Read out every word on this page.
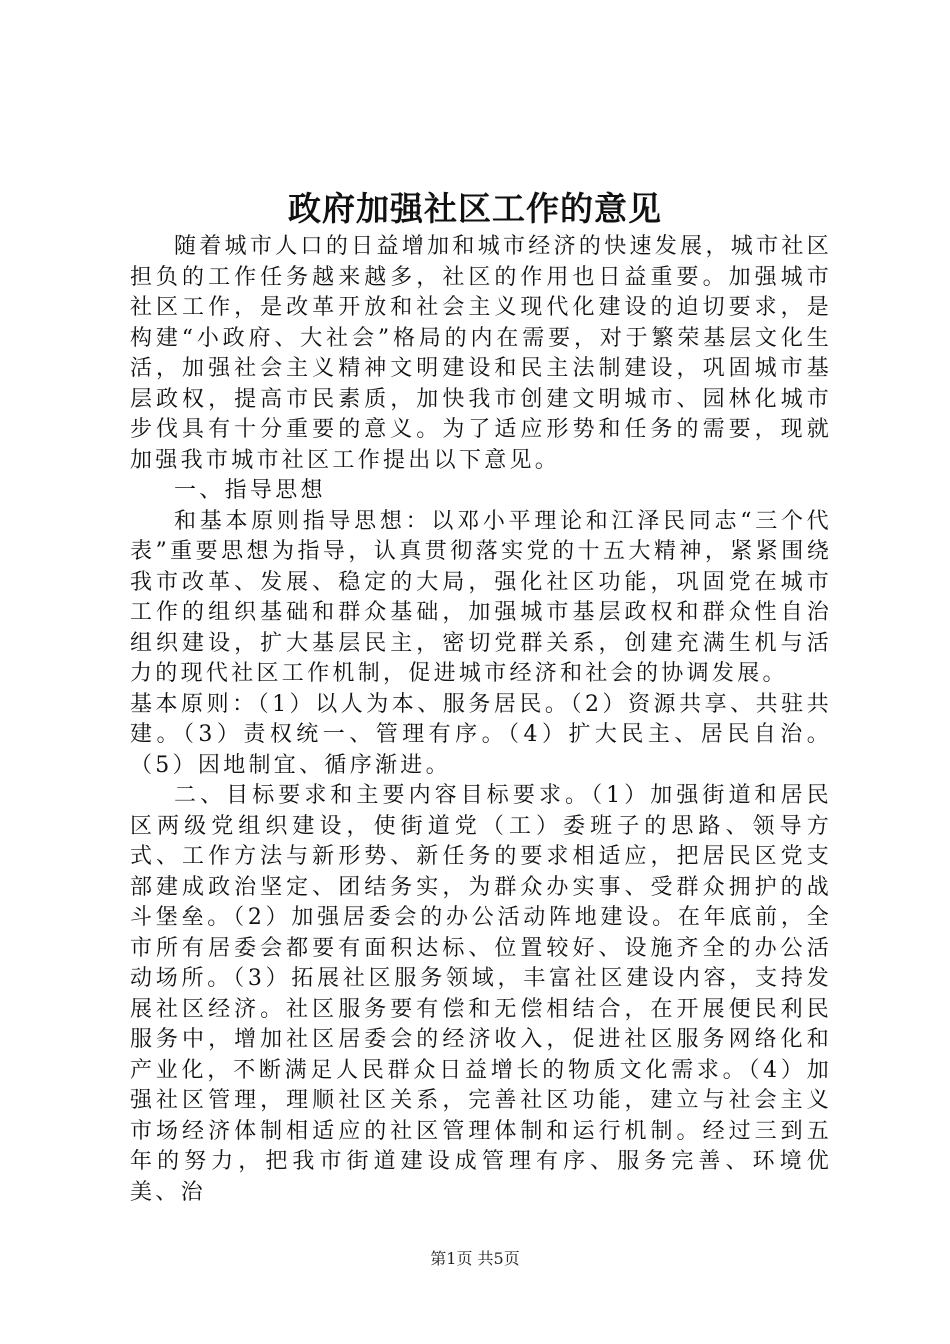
政府加强社区工作的意见

随着城市人口的日益增加和城市经济的快速发展，城市社区担负的工作任务越来越多，社区的作用也日益重要。加强城市社区工作，是改革开放和社会主义现代化建设的迫切要求，是构建“小政府、大社会”格局的内在需要，对于繁荣基层文化生活，加强社会主义精神文明建设和民主法制建设，巩固城市基层政权，提高市民素质，加快我市创建文明城市、园林化城市步伐具有十分重要的意义。为了适应形势和任务的需要，现就加强我市城市社区工作提出以下意见。

一、指导思想

和基本原则指导思想：以邓小平理论和江泽民同志“三个代表”重要思想为指导，认真贯彻落实党的十五大精神，紧紧围绕我市改革、发展、稳定的大局，强化社区功能，巩固党在城市工作的组织基础和群众基础，加强城市基层政权和群众性自治组织建设，扩大基层民主，密切党群关系，创建充满生机与活力的现代社区工作机制，促进城市经济和社会的协调发展。

基本原则：（1）以人为本、服务居民。（2）资源共享、共驻共建。（3）责权统一、管理有序。（4）扩大民主、居民自治。（5）因地制宜、循序渐进。

二、目标要求和主要内容目标要求。（1）加强街道和居民区两级党组织建设，使街道党（工）委班子的思路、领导方式、工作方法与新形势、新任务的要求相适应，把居民区党支部建成政治坚定、团结务实，为群众办实事、受群众拥护的战斗堡垒。（2）加强居委会的办公活动阵地建设。在年底前，全市所有居委会都要有面积达标、位置较好、设施齐全的办公活动场所。（3）拓展社区服务领域，丰富社区建设内容，支持发展社区经济。社区服务要有偿和无偿相结合，在开展便民利民服务中，增加社区居委会的经济收入，促进社区服务网络化和产业化，不断满足人民群众日益增长的物质文化需求。（4）加强社区管理，理顺社区关系，完善社区功能，建立与社会主义市场经济体制相适应的社区管理体制和运行机制。经过三到五年的努力，把我市街道建设成管理有序、服务完善、环境优美、治

第1页 共5页
